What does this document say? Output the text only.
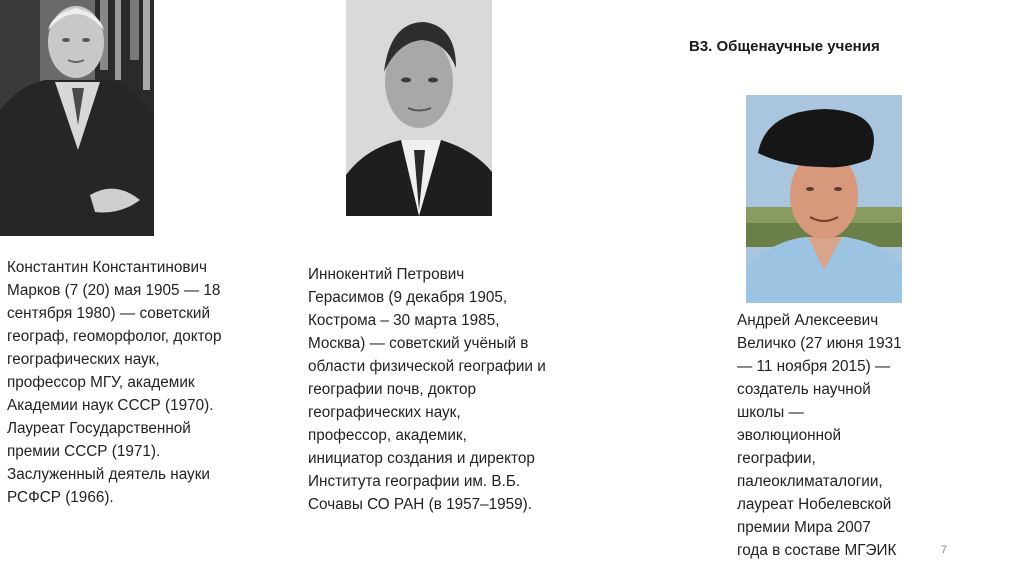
В3. Общенаучные учения
Константин Константинович
Марков (7 (20) мая 1905 — 18
сентября 1980) — советский
географ, геоморфолог, доктор
географических наук,
профессор МГУ, академик
Академии наук СССР (1970).
Лауреат Государственной
премии СССР (1971).
Заслуженный деятель науки
РСФСР (1966).
Иннокентий Петрович
Герасимов (9 декабря 1905,
Кострома – 30 марта 1985,
Москва) — советский учёный в
области физической географии и
географии почв, доктор
географических наук,
профессор, академик,
инициатор создания и директор
Института географии им. В.Б.
Сочавы СО РАН (в 1957–1959).
Андрей Алексеевич
Величко (27 июня 1931
— 11 ноября 2015) —
создатель научной
школы —
эволюционной
географии,
палеоклиматалогии,
лауреат Нобелевской
премии Мира 2007
года в составе МГЭИК	7
